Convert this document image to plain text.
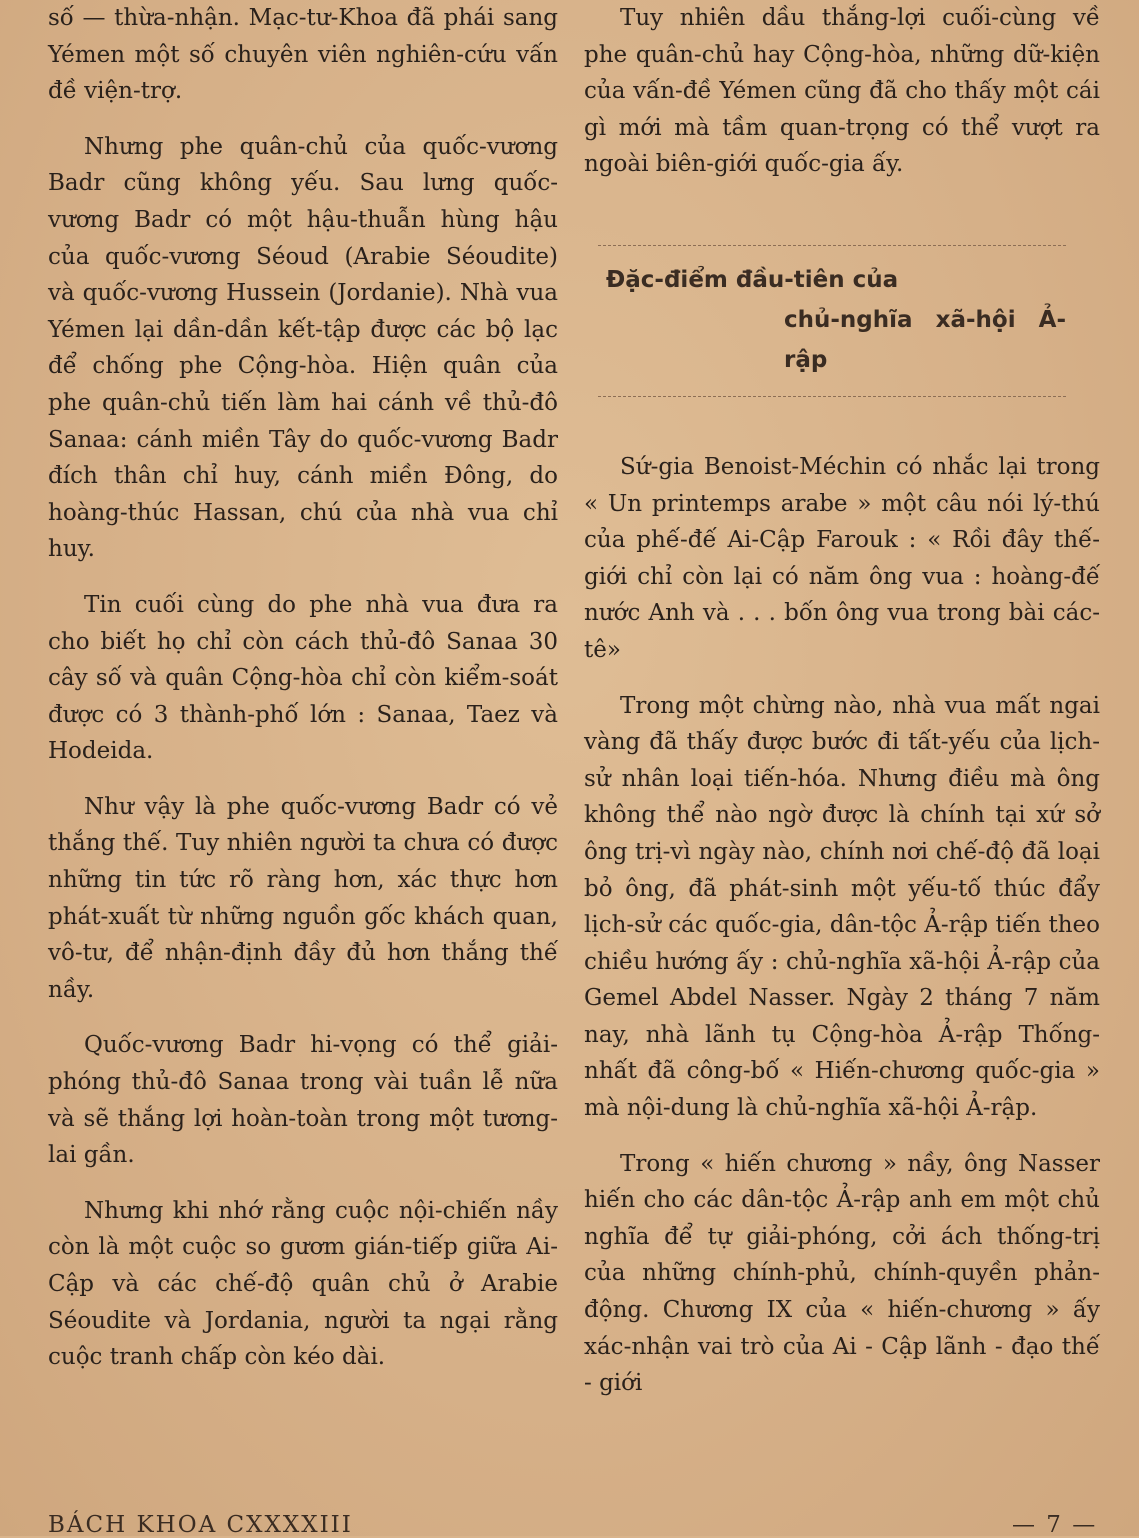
số — thừa-nhận. Mạc-tư-Khoa đã phái sang Yémen một số chuyên viên nghiên-cứu vấn đề viện-trợ.

Nhưng phe quân-chủ của quốc-vương Badr cũng không yếu. Sau lưng quốc-vương Badr có một hậu-thuẫn hùng hậu của quốc-vương Séoud (Arabie Séoudite) và quốc-vương Hussein (Jordanie). Nhà vua Yémen lại dần-dần kết-tập được các bộ lạc để chống phe Cộng-hòa. Hiện quân của phe quân-chủ tiến làm hai cánh về thủ-đô Sanaa: cánh miền Tây do quốc-vương Badr đích thân chỉ huy, cánh miền Đông, do hoàng-thúc Hassan, chú của nhà vua chỉ huy.

Tin cuối cùng do phe nhà vua đưa ra cho biết họ chỉ còn cách thủ-đô Sanaa 30 cây số và quân Cộng-hòa chỉ còn kiểm-soát được có 3 thành-phố lớn : Sanaa, Taez và Hodeida.

Như vậy là phe quốc-vương Badr có vẻ thắng thế. Tuy nhiên người ta chưa có được những tin tức rõ ràng hơn, xác thực hơn phát-xuất từ những nguồn gốc khách quan, vô-tư, để nhận-định đầy đủ hơn thắng thế nầy.

Quốc-vương Badr hi-vọng có thể giải-phóng thủ-đô Sanaa trong vài tuần lễ nữa và sẽ thắng lợi hoàn-toàn trong một tương-lai gần.

Nhưng khi nhớ rằng cuộc nội-chiến nầy còn là một cuộc so gươm gián-tiếp giữa Ai-Cập và các chế-độ quân chủ ở Arabie Séoudite và Jordania, người ta ngại rằng cuộc tranh chấp còn kéo dài.

Tuy nhiên dầu thắng-lợi cuối-cùng về phe quân-chủ hay Cộng-hòa, những dữ-kiện của vấn-đề Yémen cũng đã cho thấy một cái gì mới mà tầm quan-trọng có thể vượt ra ngoài biên-giới quốc-gia ấy.

Đặc-điểm đầu-tiên của
chủ-nghĩa xã-hội Ả-rập

Sứ-gia Benoist-Méchin có nhắc lại trong « Un printemps arabe » một câu nói lý-thú của phế-đế Ai-Cập Farouk : « Rồi đây thế-giới chỉ còn lại có năm ông vua : hoàng-đế nước Anh và . . . bốn ông vua trong bài các-tê»

Trong một chừng nào, nhà vua mất ngai vàng đã thấy được bước đi tất-yếu của lịch-sử nhân loại tiến-hóa. Nhưng điều mà ông không thể nào ngờ được là chính tại xứ sở ông trị-vì ngày nào, chính nơi chế-độ đã loại bỏ ông, đã phát-sinh một yếu-tố thúc đẩy lịch-sử các quốc-gia, dân-tộc Ả-rập tiến theo chiều hướng ấy : chủ-nghĩa xã-hội Ả-rập của Gemel Abdel Nasser. Ngày 2 tháng 7 năm nay, nhà lãnh tụ Cộng-hòa Ả-rập Thống-nhất đã công-bố « Hiến-chương quốc-gia » mà nội-dung là chủ-nghĩa xã-hội Ả-rập.

Trong « hiến chương » nầy, ông Nasser hiến cho các dân-tộc Ả-rập anh em một chủ nghĩa để tự giải-phóng, cởi ách thống-trị của những chính-phủ, chính-quyền phản-động. Chương IX của « hiến-chương » ấy xác-nhận vai trò của Ai - Cập lãnh - đạo thế - giới

BÁCH KHOA CXXXXIII	— 7 —
